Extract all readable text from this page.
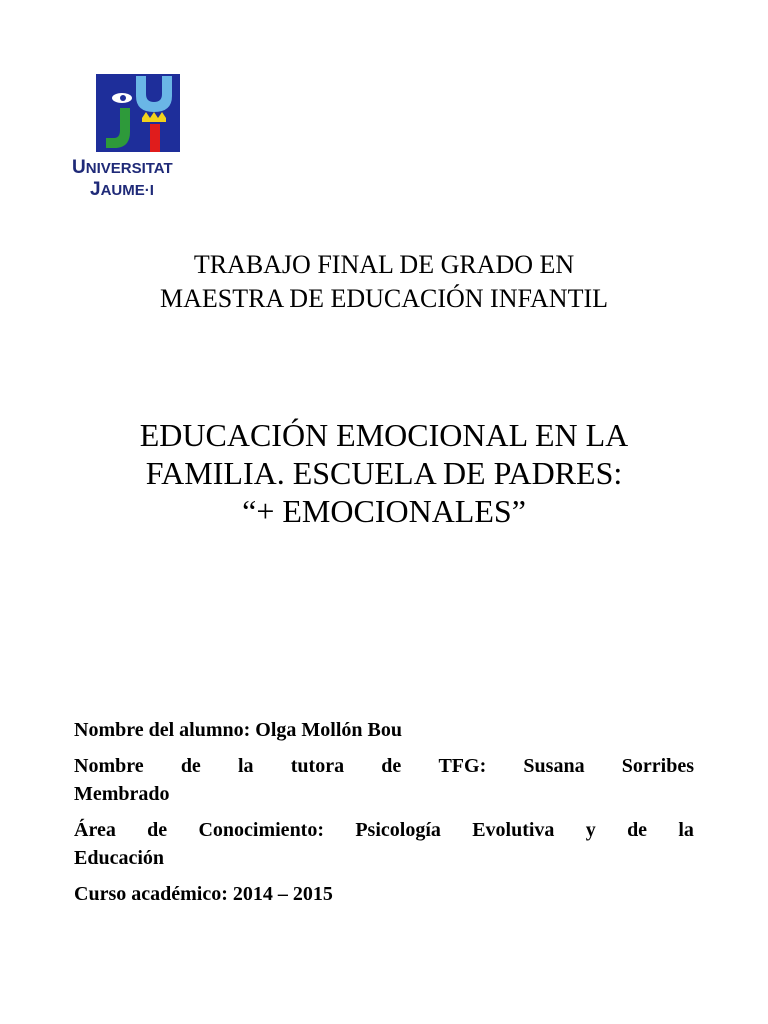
UNIVERSITAT
JAUME·I
TRABAJO FINAL DE GRADO EN
MAESTRA DE EDUCACIÓN INFANTIL
EDUCACIÓN EMOCIONAL EN LA
FAMILIA. ESCUELA DE PADRES:
“+ EMOCIONALES”

Nombre del alumno: Olga Mollón Bou

Nombre de la tutora de TFG: Susana Sorribes
Membrado
Área de Conocimiento: Psicología Evolutiva y de la
Educación

Curso académico: 2014 – 2015
